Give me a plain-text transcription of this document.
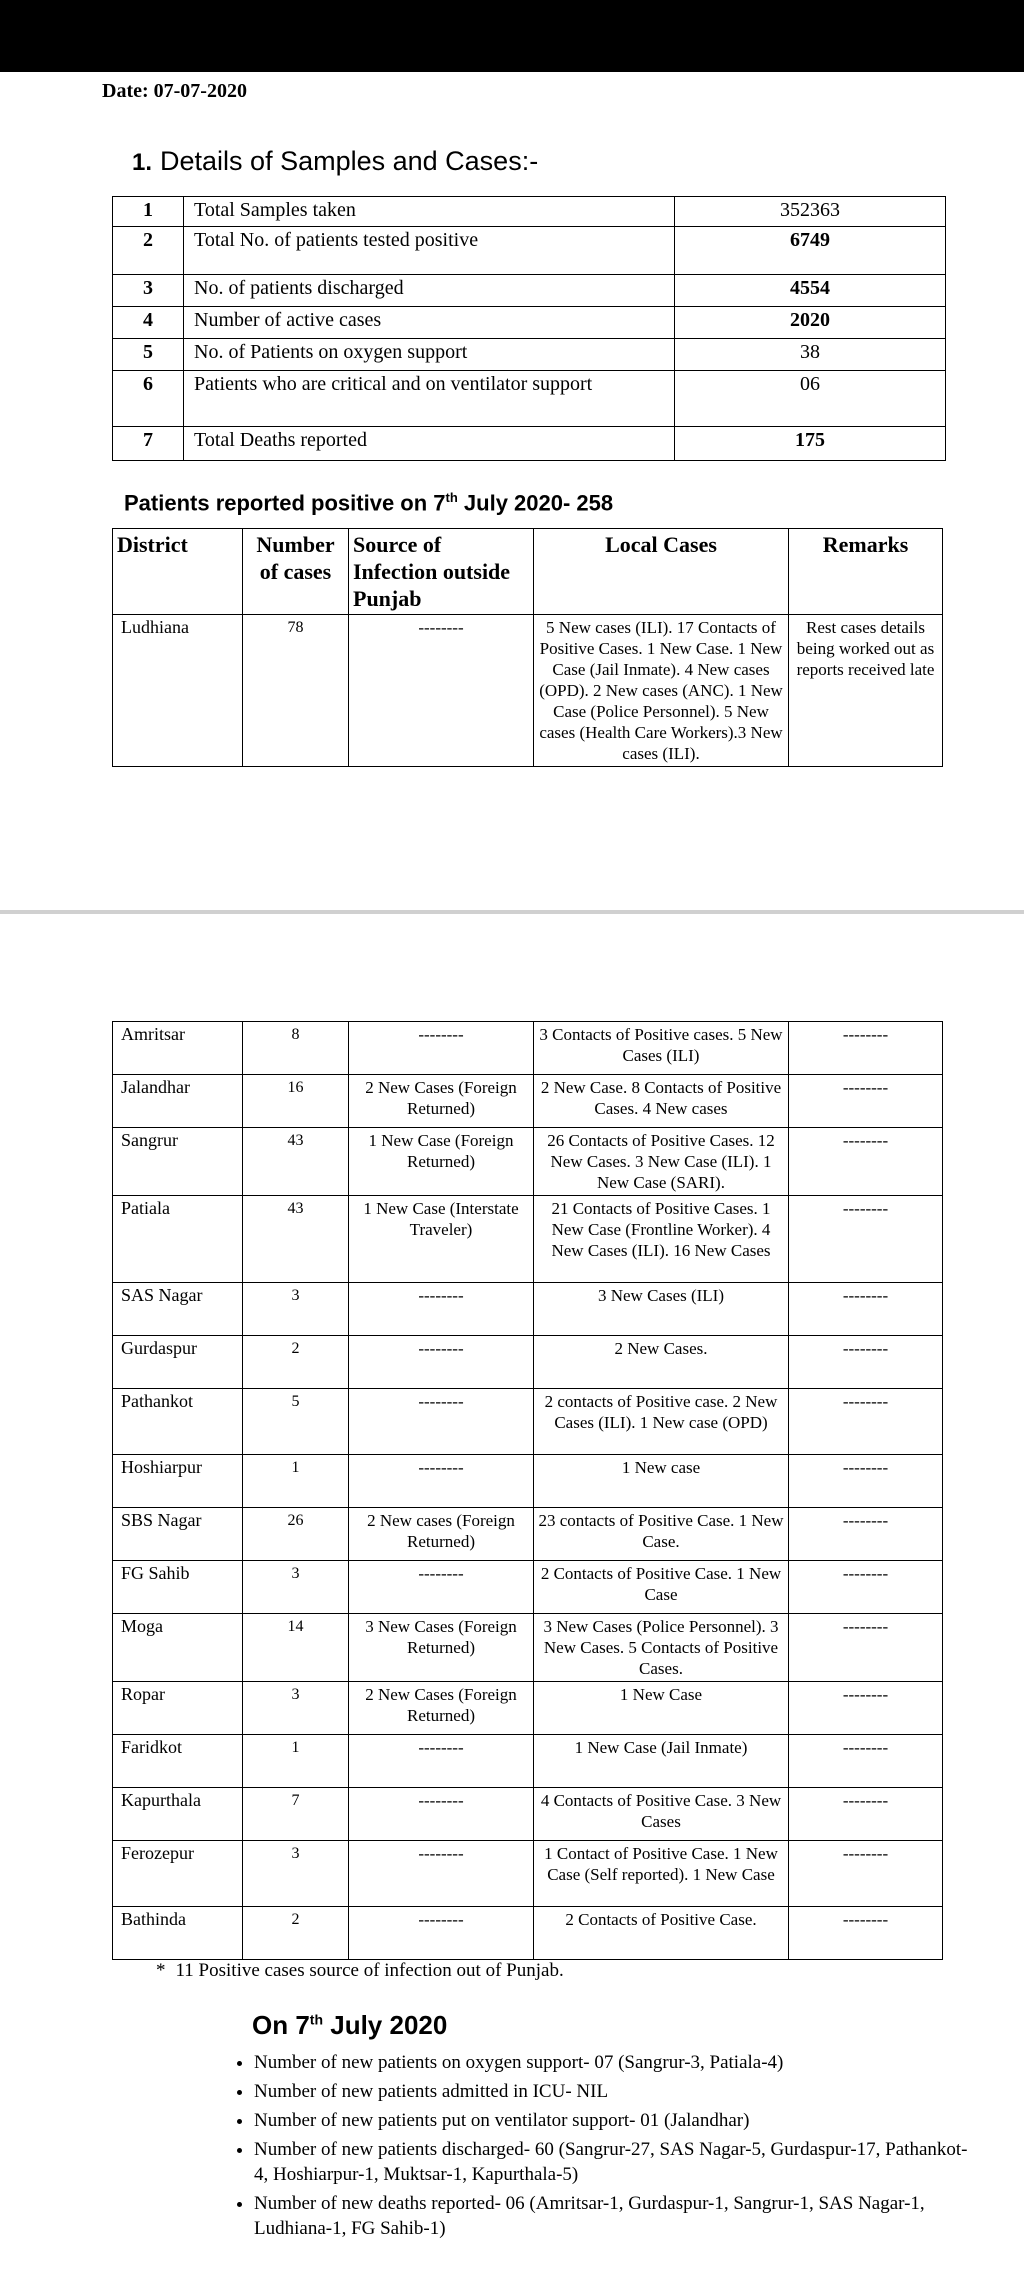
Date: 07-07-2020
1. Details of Samples and Cases:-
1	Total Samples taken	352363
2	Total No. of patients tested positive	6749
3	No. of patients discharged	4554
4	Number of active cases	2020
5	No. of Patients on oxygen support	38
6	Patients who are critical and on ventilator support	06
7	Total Deaths reported	175
Patients reported positive on 7th July 2020- 258
District	Number of cases	Source of Infection outside Punjab	Local Cases	Remarks
Ludhiana	78	--------	5 New cases (ILI). 17 Contacts of Positive Cases. 1 New Case. 1 New Case (Jail Inmate). 4 New cases (OPD). 2 New cases (ANC). 1 New Case (Police Personnel). 5 New cases (Health Care Workers).3 New cases (ILI).	Rest cases details being worked out as reports received late
Amritsar	8	--------	3 Contacts of Positive cases. 5 New Cases (ILI)	--------
Jalandhar	16	2 New Cases (Foreign Returned)	2 New Case. 8 Contacts of Positive Cases. 4 New cases	--------
Sangrur	43	1 New Case (Foreign Returned)	26 Contacts of Positive Cases. 12 New Cases. 3 New Case (ILI). 1 New Case (SARI).	--------
Patiala	43	1 New Case (Interstate Traveler)	21 Contacts of Positive Cases. 1 New Case (Frontline Worker). 4 New Cases (ILI). 16 New Cases	--------
SAS Nagar	3	--------	3 New Cases (ILI)	--------
Gurdaspur	2	--------	2 New Cases.	--------
Pathankot	5	--------	2 contacts of Positive case. 2 New Cases (ILI). 1 New case (OPD)	--------
Hoshiarpur	1	--------	1 New case	--------
SBS Nagar	26	2 New cases (Foreign Returned)	23 contacts of Positive Case. 1 New Case.	--------
FG Sahib	3	--------	2 Contacts of Positive Case. 1 New Case	--------
Moga	14	3 New Cases (Foreign Returned)	3 New Cases (Police Personnel). 3 New Cases. 5 Contacts of Positive Cases.	--------
Ropar	3	2 New Cases (Foreign Returned)	1 New Case	--------
Faridkot	1	--------	1 New Case (Jail Inmate)	--------
Kapurthala	7	--------	4 Contacts of Positive Case. 3 New Cases	--------
Ferozepur	3	--------	1 Contact of Positive Case. 1 New Case (Self reported). 1 New Case	--------
Bathinda	2	--------	2 Contacts of Positive Case.	--------
* 11 Positive cases source of infection out of Punjab.
On 7th July 2020
• Number of new patients on oxygen support- 07 (Sangrur-3, Patiala-4)
• Number of new patients admitted in ICU- NIL
• Number of new patients put on ventilator support- 01 (Jalandhar)
• Number of new patients discharged- 60 (Sangrur-27, SAS Nagar-5, Gurdaspur-17, Pathankot-4, Hoshiarpur-1, Muktsar-1, Kapurthala-5)
• Number of new deaths reported- 06 (Amritsar-1, Gurdaspur-1, Sangrur-1, SAS Nagar-1, Ludhiana-1, FG Sahib-1)
